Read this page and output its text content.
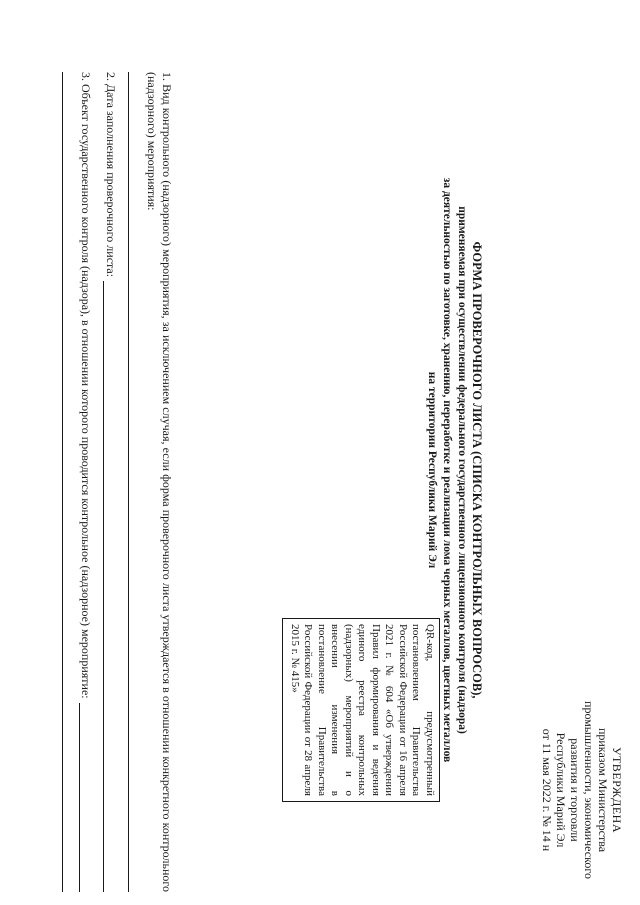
УТВЕРЖДЕНА
приказом Министерства
промышленности, экономического
развития и торговли
Республики Марий Эл
от 11 мая 2022 г. № 14 н
ФОРМА ПРОВЕРОЧНОГО ЛИСТА (СПИСКА КОНТРОЛЬНЫХ ВОПРОСОВ),
применяемая при осуществлении федерального государственного лицензионного контроля (надзора)
за деятельностью по заготовке, хранению, переработке и реализации лома черных металлов, цветных металлов
на территории Республики Марий Эл
QR-код, предусмотренный постановлением Правительства Российской Федерации от 16 апреля 2021 г. № 604 «Об утверждении Правил формирования и ведения единого реестра контрольных (надзорных) мероприятий и о внесении изменения в постановление Правительства Российской Федерации от 28 апреля 2015 г. № 415»
1. Вид контрольного (надзорного) мероприятия, за исключением случая, если форма проверочного листа утверждается в отношении конкретного контрольного (надзорного) мероприятия:
2. Дата заполнения проверочного листа:
3. Объект государственного контроля (надзора), в отношении которого проводится контрольное (надзорное) мероприятие:
